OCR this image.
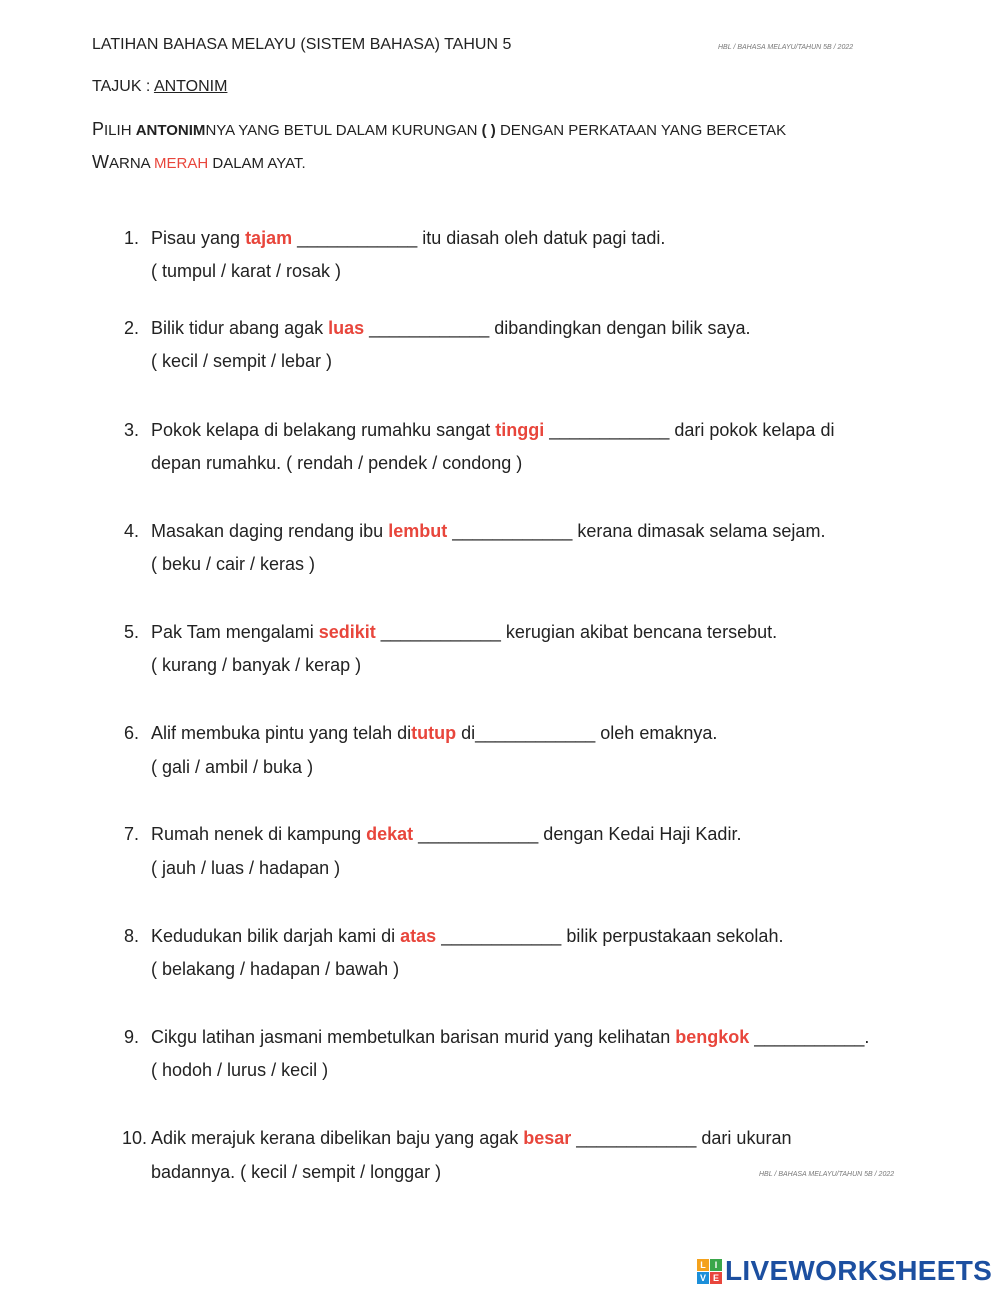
LATIHAN BAHASA MELAYU (SISTEM BAHASA) TAHUN 5	HBL / BAHASA MELAYU/TAHUN 5B / 2022
TAJUK : ANTONIM
PILIH ANTONIMNYA YANG BETUL DALAM KURUNGAN ( ) DENGAN PERKATAAN YANG BERCETAK
WARNA MERAH DALAM AYAT.
1. Pisau yang tajam ____________ itu diasah oleh datuk pagi tadi.
( tumpul / karat / rosak )
2. Bilik tidur abang agak luas ____________ dibandingkan dengan bilik saya.
( kecil / sempit / lebar )
3. Pokok kelapa di belakang rumahku sangat tinggi ____________ dari pokok kelapa di
depan rumahku. ( rendah / pendek / condong )
4. Masakan daging rendang ibu lembut ____________ kerana dimasak selama sejam.
( beku / cair / keras )
5. Pak Tam mengalami sedikit ____________ kerugian akibat bencana tersebut.
( kurang / banyak / kerap )
6. Alif membuka pintu yang telah ditutup di____________ oleh emaknya.
( gali / ambil / buka )
7. Rumah nenek di kampung dekat ____________ dengan Kedai Haji Kadir.
( jauh / luas / hadapan )
8. Kedudukan bilik darjah kami di atas ____________ bilik perpustakaan sekolah.
( belakang / hadapan / bawah )
9. Cikgu latihan jasmani membetulkan barisan murid yang kelihatan bengkok ___________.
( hodoh / lurus / kecil )
10. Adik merajuk kerana dibelikan baju yang agak besar ____________ dari ukuran
badannya. ( kecil / sempit / longgar )	HBL / BAHASA MELAYU/TAHUN 5B / 2022
L I
V E LIVEWORKSHEETS
